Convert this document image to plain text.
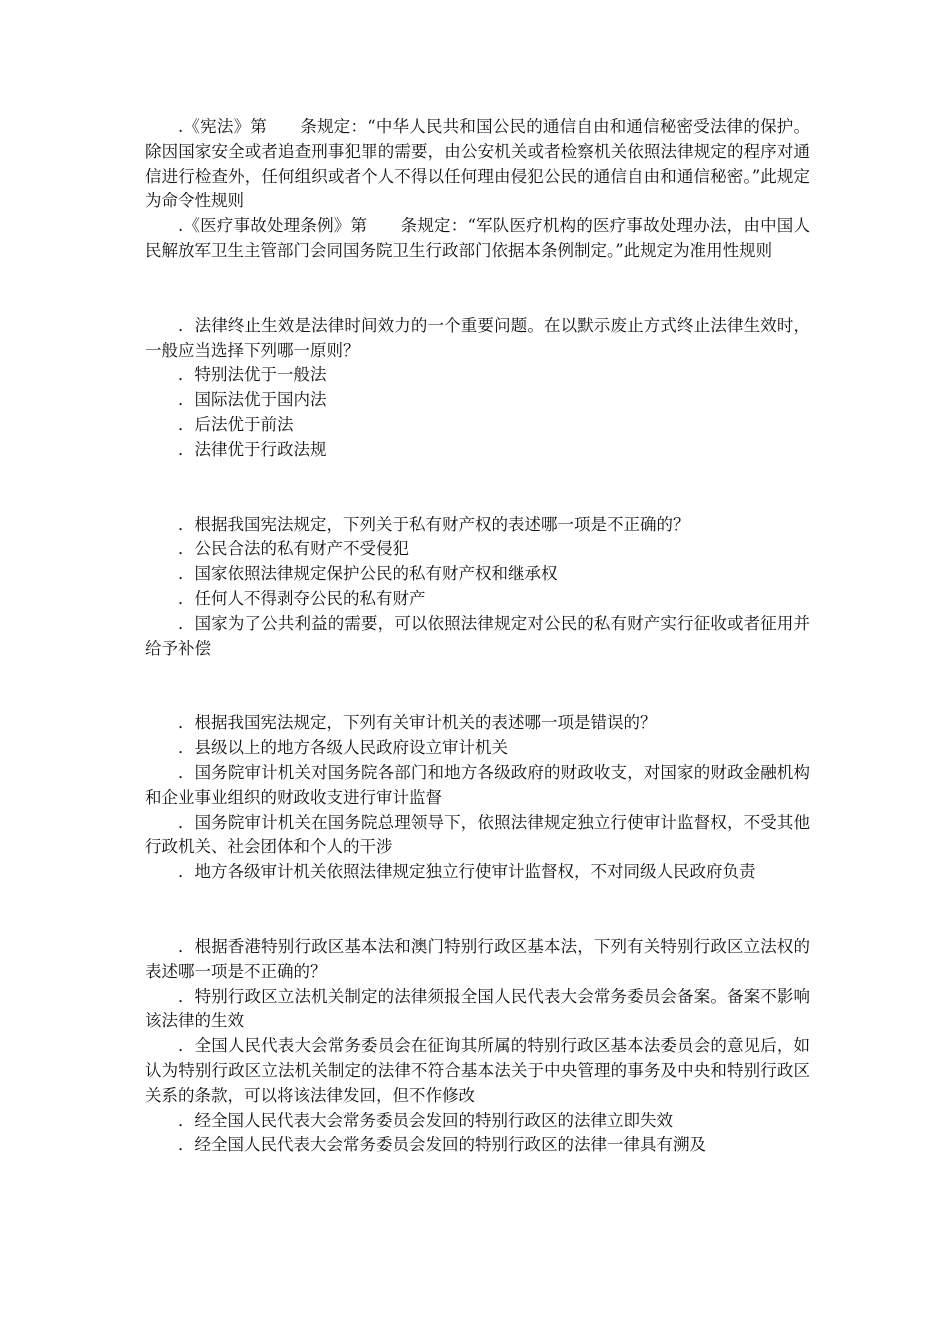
.《宪法》第　　条规定：“中华人民共和国公民的通信自由和通信秘密受法律的保护。除因国家安全或者追查刑事犯罪的需要，由公安机关或者检察机关依照法律规定的程序对通信进行检查外，任何组织或者个人不得以任何理由侵犯公民的通信自由和通信秘密。”此规定为命令性规则

.《医疗事故处理条例》第　　条规定：“军队医疗机构的医疗事故处理办法，由中国人民解放军卫生主管部门会同国务院卫生行政部门依据本条例制定。”此规定为准用性规则

．法律终止生效是法律时间效力的一个重要问题。在以默示废止方式终止法律生效时，一般应当选择下列哪一原则？

．特别法优于一般法

．国际法优于国内法

．后法优于前法

．法律优于行政法规

．根据我国宪法规定，下列关于私有财产权的表述哪一项是不正确的？

．公民合法的私有财产不受侵犯

．国家依照法律规定保护公民的私有财产权和继承权

．任何人不得剥夺公民的私有财产

．国家为了公共利益的需要，可以依照法律规定对公民的私有财产实行征收或者征用并给予补偿

．根据我国宪法规定，下列有关审计机关的表述哪一项是错误的？

．县级以上的地方各级人民政府设立审计机关

．国务院审计机关对国务院各部门和地方各级政府的财政收支，对国家的财政金融机构和企业事业组织的财政收支进行审计监督

．国务院审计机关在国务院总理领导下，依照法律规定独立行使审计监督权，不受其他行政机关、社会团体和个人的干涉

．地方各级审计机关依照法律规定独立行使审计监督权，不对同级人民政府负责

．根据香港特别行政区基本法和澳门特别行政区基本法，下列有关特别行政区立法权的表述哪一项是不正确的？

．特别行政区立法机关制定的法律须报全国人民代表大会常务委员会备案。备案不影响该法律的生效

．全国人民代表大会常务委员会在征询其所属的特别行政区基本法委员会的意见后，如认为特别行政区立法机关制定的法律不符合基本法关于中央管理的事务及中央和特别行政区关系的条款，可以将该法律发回，但不作修改

．经全国人民代表大会常务委员会发回的特别行政区的法律立即失效

．经全国人民代表大会常务委员会发回的特别行政区的法律一律具有溯及
